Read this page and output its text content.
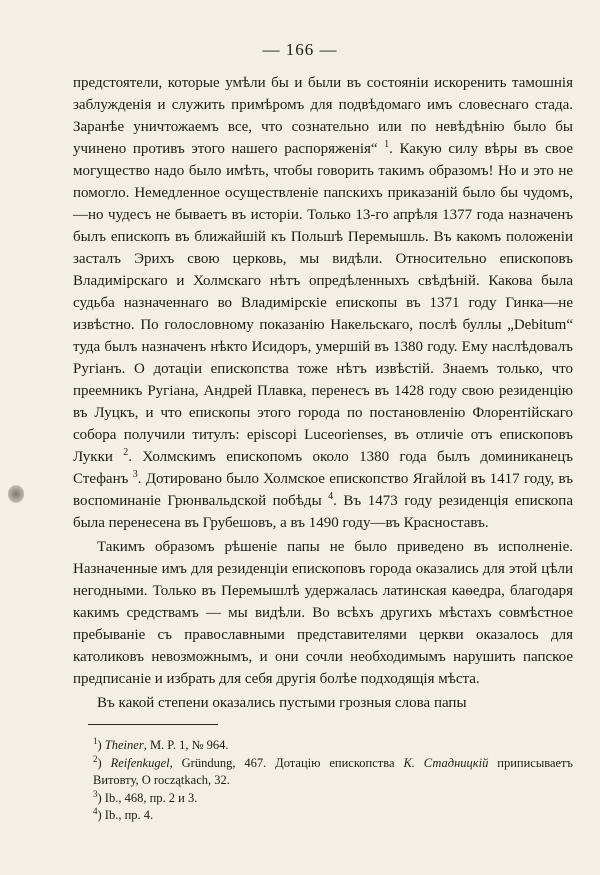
— 166 —

предстоятели, которые умѣли бы и были въ состояніи искоренить тамошнія заблужденія и служить примѣромъ для подвѣдомаго имъ словеснаго стада. Заранѣе уничтожаемъ все, что сознательно или по невѣдѣнію было бы учинено противъ этого нашего распоряженія“ $^1$. Какую силу вѣры въ свое могущество надо было имѣть, чтобы говорить такимъ образомъ! Но и это не помогло. Немедленное осуществленіе папскихъ приказаній было бы чудомъ,—но чудесъ не бываетъ въ исторіи. Только 13-го апрѣля 1377 года назначенъ былъ епископъ въ ближайшій къ Польшѣ Перемышль. Въ какомъ положеніи засталъ Эрихъ свою церковь, мы видѣли. Относительно епископовъ Владимірскаго и Холмскаго нѣтъ опредѣленныхъ свѣдѣній. Какова была судьба назначеннаго во Владимірскіе епископы въ 1371 году Гинка—не извѣстно. По голословному показанію Накельскаго, послѣ буллы „Debitum“ туда былъ назначенъ нѣкто Исидоръ, умершій въ 1380 году. Ему наслѣдовалъ Ругіанъ. О дотаціи епископства тоже нѣтъ извѣстій. Знаемъ только, что преемникъ Ругіана, Андрей Плавка, перенесъ въ 1428 году свою резиденцію въ Луцкъ, и что епископы этого города по постановленію Флорентійскаго собора получили титулъ: episcopi Luceorienses, въ отличіе отъ епископовъ Лукки $^2$. Холмскимъ епископомъ около 1380 года былъ доминиканецъ Стефанъ $^3$. Дотировано было Холмское епископство Ягайлой въ 1417 году, въ воспоминаніе Грюнвальдской побѣды $^4$. Въ 1473 году резиденція епископа была перенесена въ Грубешовъ, а въ 1490 году—въ Красноставъ.

Такимъ образомъ рѣшеніе папы не было приведено въ исполненіе. Назначенные имъ для резиденціи епископовъ города оказались для этой цѣли негодными. Только въ Перемышлѣ удержалась латинская каѳедра, благодаря какимъ средствамъ — мы видѣли. Во всѣхъ другихъ мѣстахъ совмѣстное пребываніе съ православными представителями церкви оказалось для католиковъ невозможнымъ, и они сочли необходимымъ нарушить папское предписаніе и избрать для себя другія болѣе подходящія мѣста.

Въ какой степени оказались пустыми грозныя слова папы

$^1$) Theiner, M. P. 1, № 964.

$^2$) Reifenkugel, Gründung, 467. Дотацію епископства К. Стадницкій приписываетъ Витовту, O roczątkach, 32.

$^3$) Ib., 468, пр. 2 и 3.

$^4$) Ib., пр. 4.
